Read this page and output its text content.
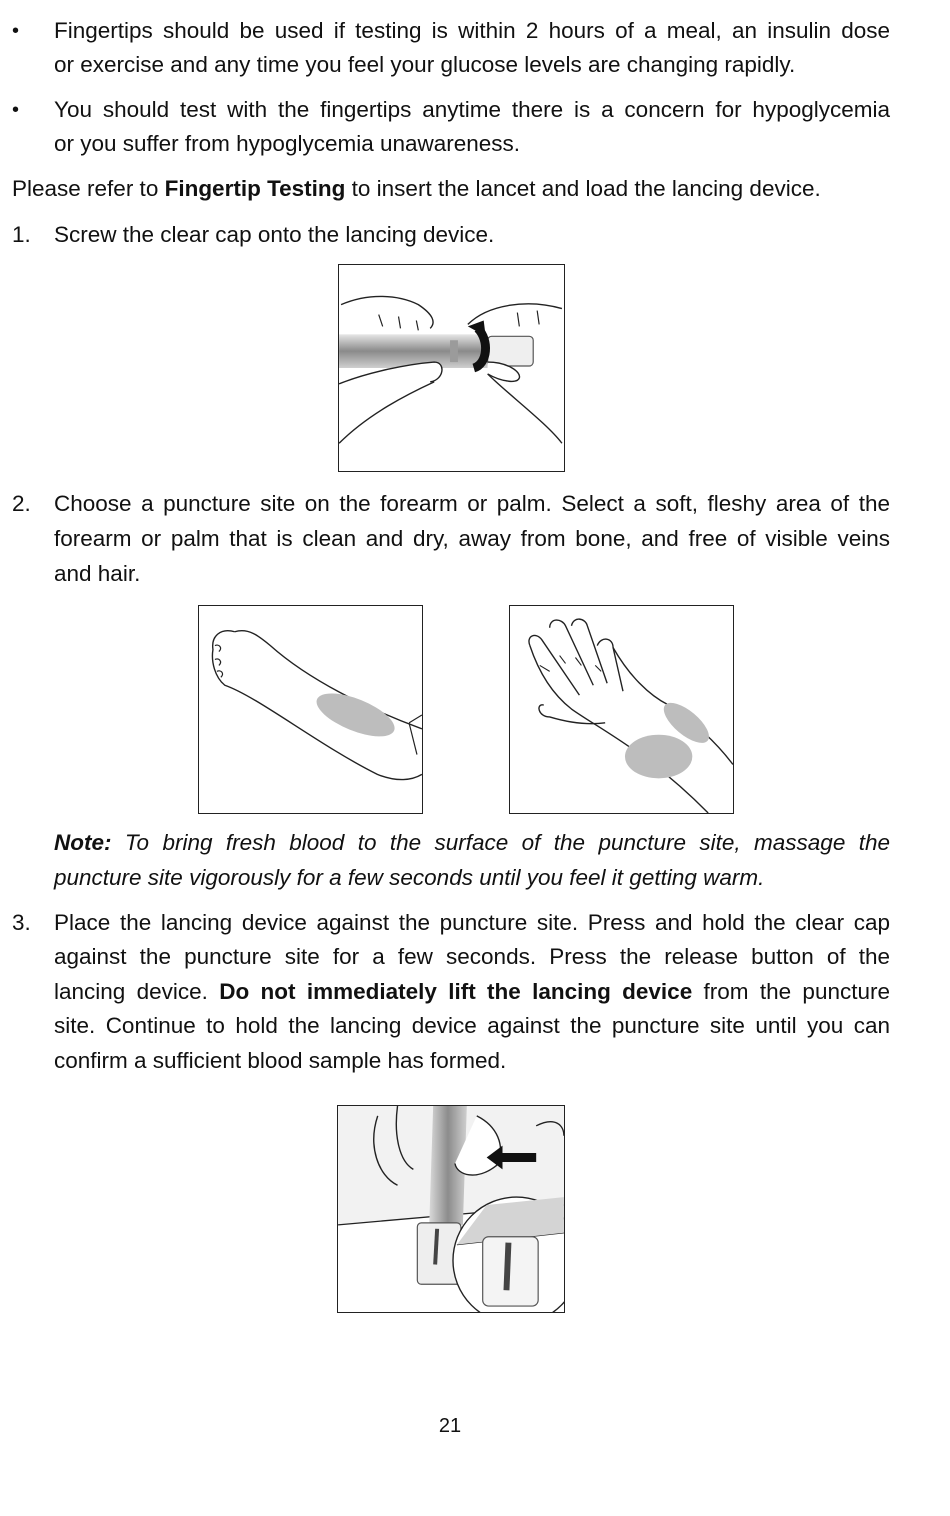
• Fingertips should be used if testing is within 2 hours of a meal, an insulin dose
or exercise and any time you feel your glucose levels are changing rapidly.
• You should test with the fingertips anytime there is a concern for hypoglycemia
or you suffer from hypoglycemia unawareness.
Please refer to Fingertip Testing to insert the lancet and load the lancing device.
1. Screw the clear cap onto the lancing device.
2. Choose a puncture site on the forearm or palm. Select a soft, fleshy area of the
forearm or palm that is clean and dry, away from bone, and free of visible veins
and hair.
Note: To bring fresh blood to the surface of the puncture site, massage the
puncture site vigorously for a few seconds until you feel it getting warm.
3. Place the lancing device against the puncture site. Press and hold the clear cap
against the puncture site for a few seconds. Press the release button of the
lancing device. Do not immediately lift the lancing device from the puncture
site. Continue to hold the lancing device against the puncture site until you can
confirm a sufficient blood sample has formed.
21
